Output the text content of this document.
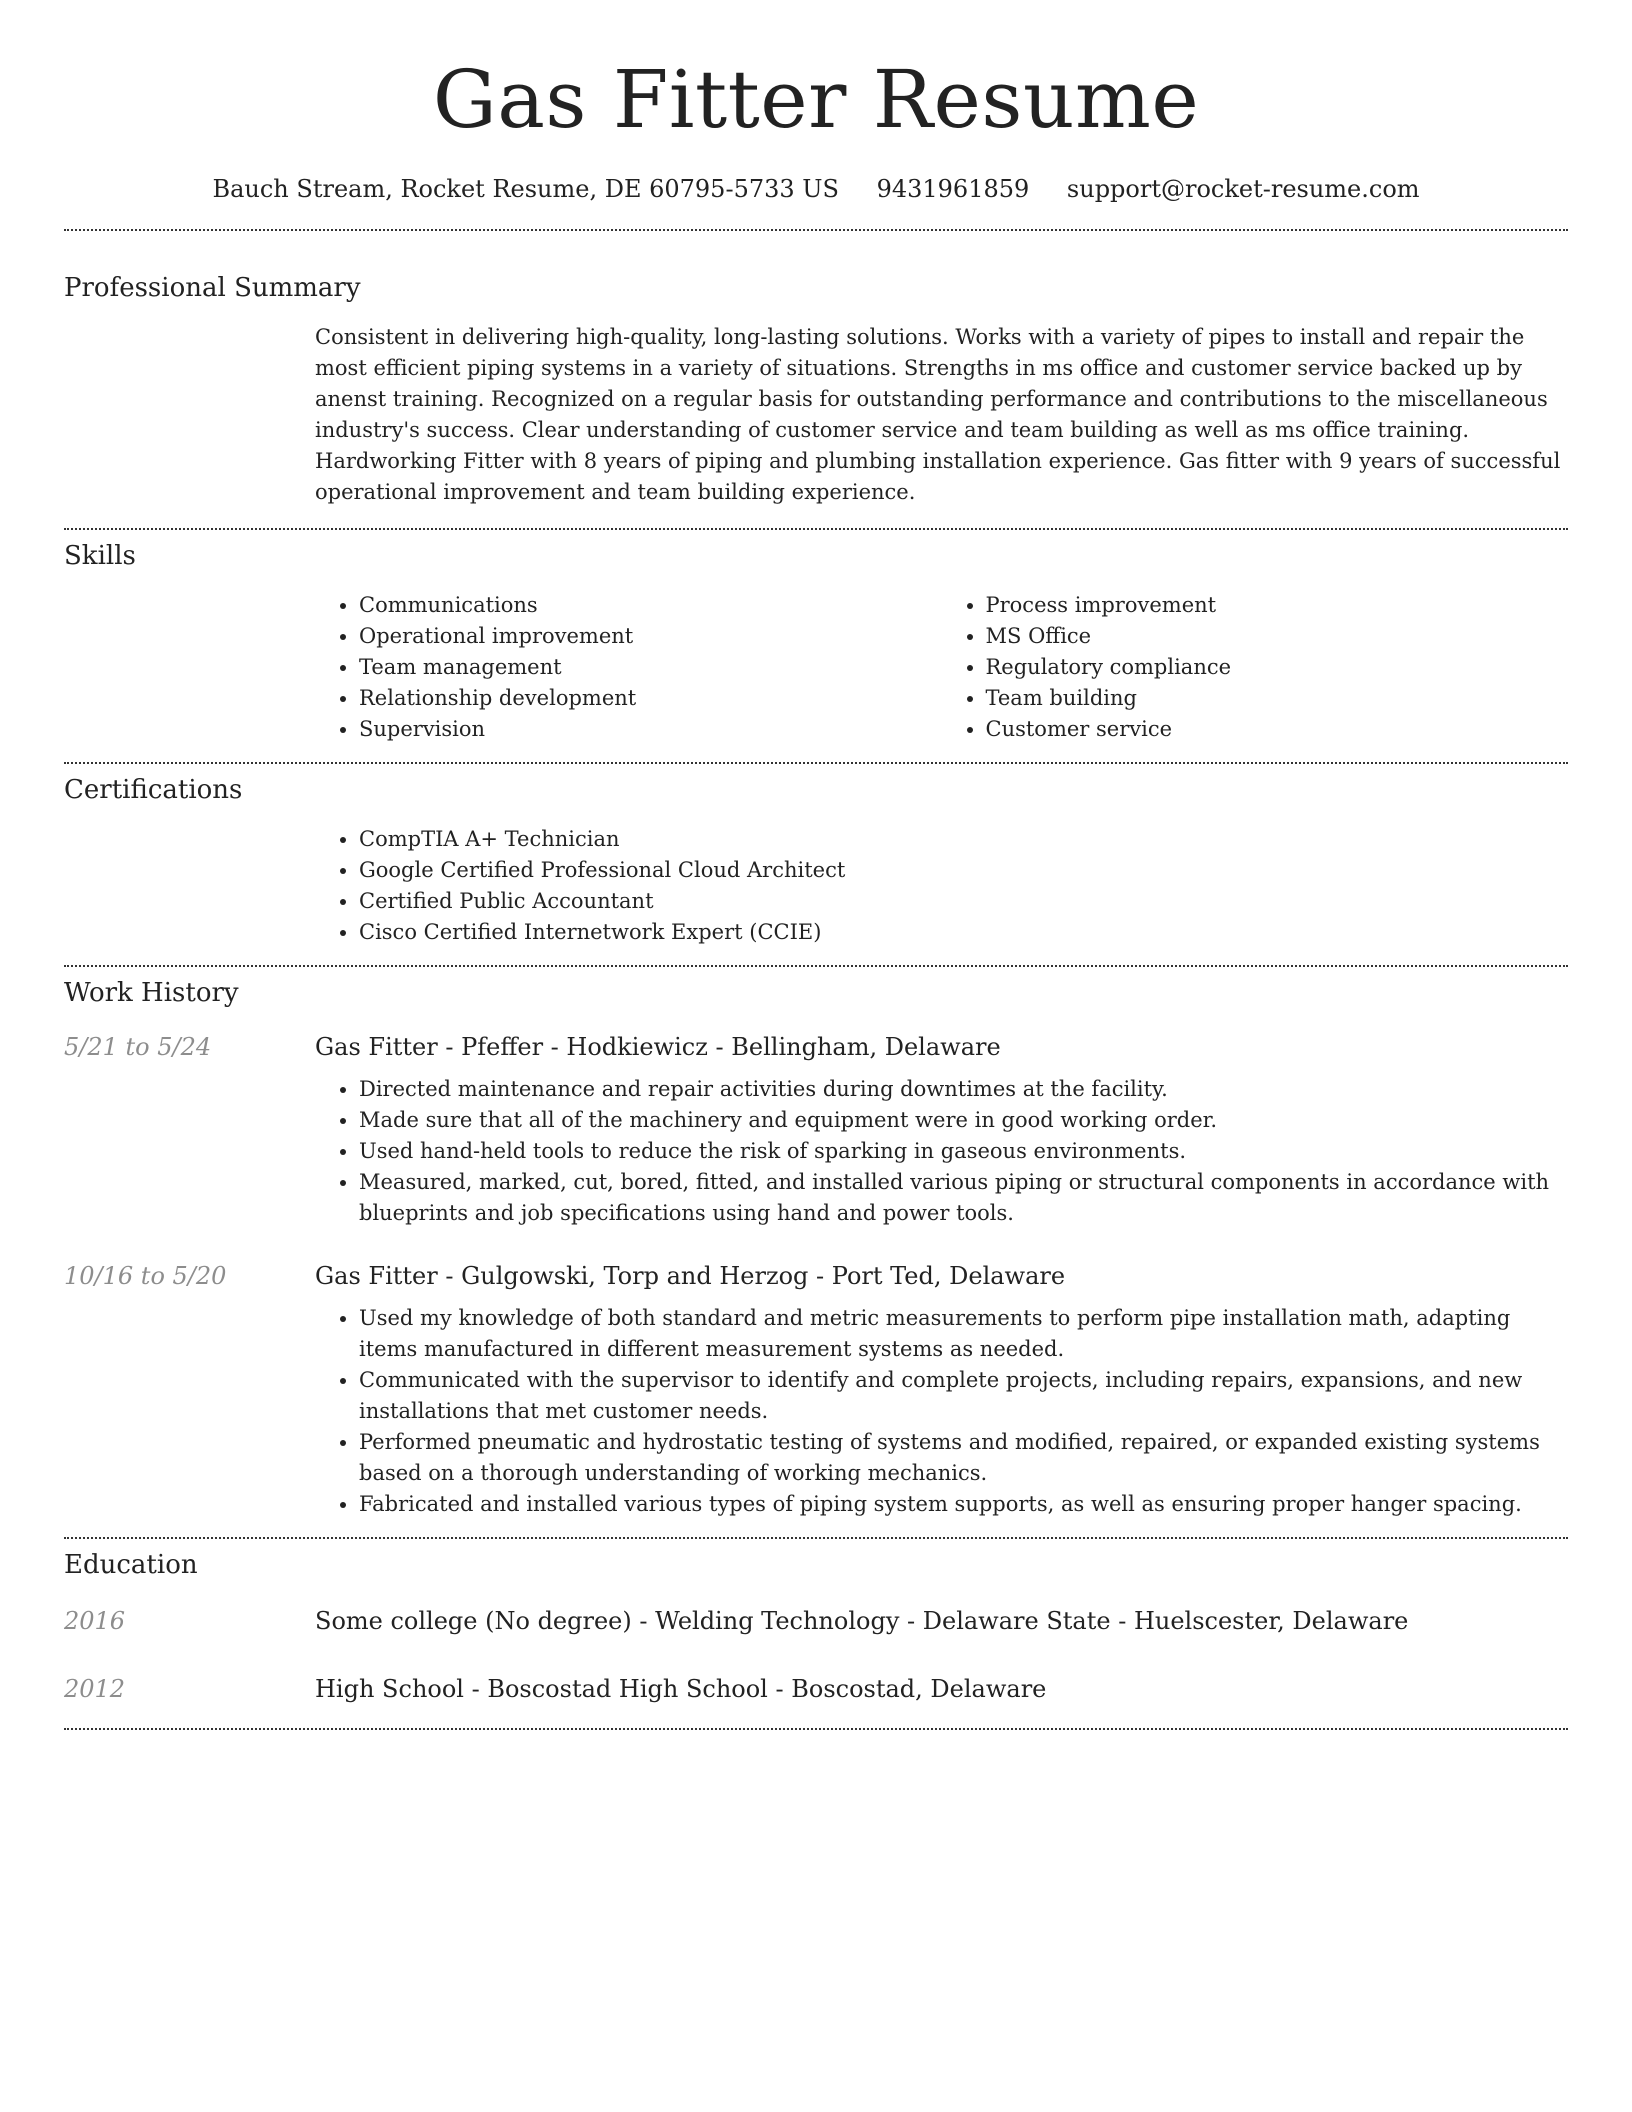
Gas Fitter Resume
Bauch Stream, Rocket Resume, DE 60795-5733 US 9431961859 support@rocket-resume.com
Professional Summary

Consistent in delivering high-quality, long-lasting solutions. Works with a variety of pipes to install and repair the most efficient piping systems in a variety of situations. Strengths in ms office and customer service backed up by anenst training. Recognized on a regular basis for outstanding performance and contributions to the miscellaneous industry's success. Clear understanding of customer service and team building as well as ms office training. Hardworking Fitter with 8 years of piping and plumbing installation experience. Gas fitter with 9 years of successful operational improvement and team building experience.

Skills
• Communications
• Operational improvement
• Team management
• Relationship development
• Supervision
• Process improvement
• MS Office
• Regulatory compliance
• Team building
• Customer service
Certifications
• CompTIA A+ Technician
• Google Certified Professional Cloud Architect
• Certified Public Accountant
• Cisco Certified Internetwork Expert (CCIE)
Work History
5/21 to 5/24	Gas Fitter - Pfeffer - Hodkiewicz - Bellingham, Delaware
• Directed maintenance and repair activities during downtimes at the facility.
• Made sure that all of the machinery and equipment were in good working order.
• Used hand-held tools to reduce the risk of sparking in gaseous environments.
• Measured, marked, cut, bored, fitted, and installed various piping or structural components in accordance with blueprints and job specifications using hand and power tools.
10/16 to 5/20	Gas Fitter - Gulgowski, Torp and Herzog - Port Ted, Delaware
• Used my knowledge of both standard and metric measurements to perform pipe installation math, adapting items manufactured in different measurement systems as needed.
• Communicated with the supervisor to identify and complete projects, including repairs, expansions, and new installations that met customer needs.
• Performed pneumatic and hydrostatic testing of systems and modified, repaired, or expanded existing systems based on a thorough understanding of working mechanics.
• Fabricated and installed various types of piping system supports, as well as ensuring proper hanger spacing.
Education
2016	Some college (No degree) - Welding Technology - Delaware State - Huelscester, Delaware
2012	High School - Boscostad High School - Boscostad, Delaware
